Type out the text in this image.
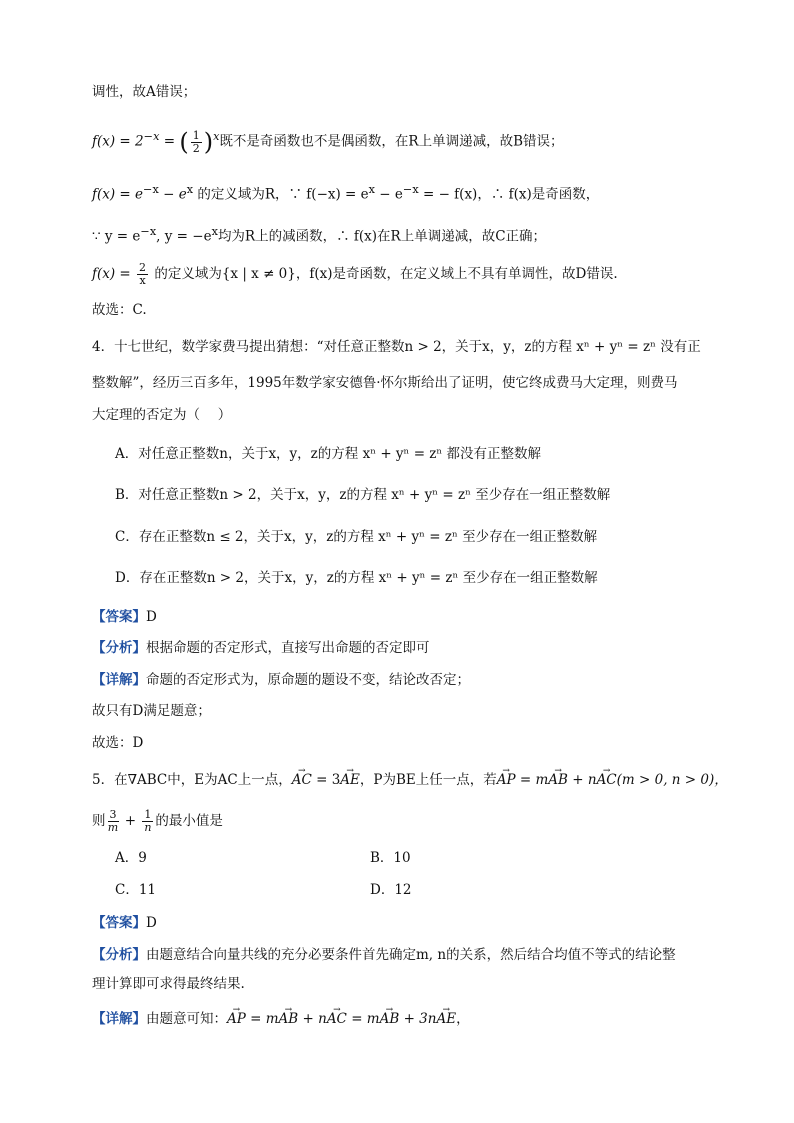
调性，故A错误；
$f(x) = 2^{-x}$ = ( $\frac{1}{2} )^x$既不是奇函数也不是偶函数，在R上单调递减，故B错误；
$f(x) = e^{-x} - e^x$ 的定义域为R，∵ $f(-x) = e^x - e^{-x}$ = − f(x)，∴ f(x)是奇函数，
∵ $y = e^{-x}$, $y = -e^x$均为R上的减函数，∴ f(x)在R上单调递减，故C正确；
$f(x) = \frac{2}{x}$ 的定义域为{x | x ≠ 0}，f(x)是奇函数，在定义域上不具有单调性，故D错误.
故选：C.
4．十七世纪，数学家费马提出猜想：“对任意正整数n > 2，关于x，y，z的方程 xⁿ + yⁿ = zⁿ 没有正
整数解”，经历三百多年，1995年数学家安德鲁·怀尔斯给出了证明，使它终成费马大定理，则费马
大定理的否定为（　 ）
A．对任意正整数n，关于x，y，z的方程 xⁿ + yⁿ = zⁿ 都没有正整数解
B．对任意正整数n > 2，关于x，y，z的方程 xⁿ + yⁿ = zⁿ 至少存在一组正整数解
C．存在正整数n ≤ 2，关于x，y，z的方程 xⁿ + yⁿ = zⁿ 至少存在一组正整数解
D．存在正整数n > 2，关于x，y，z的方程 xⁿ + yⁿ = zⁿ 至少存在一组正整数解
【答案】D
【分析】根据命题的否定形式，直接写出命题的否定即可
【详解】命题的否定形式为，原命题的题设不变，结论改否定；
故只有D满足题意；
故选：D
5．在∇ABC中，E为AC上一点，→ AC = 3→ AE，P为BE上任一点，若→ AP = m→ AB + n→ AC(m > 0, n > 0)，
则 $\frac{3}{m} + \frac{1}{n}$ 的最小值是
A．9	B．10
C．11	D．12
【答案】D
【分析】由题意结合向量共线的充分必要条件首先确定m, n的关系，然后结合均值不等式的结论整
理计算即可求得最终结果.
【详解】由题意可知：→ AP = m→ AB + n→ AC = m→ AB + 3n→ AE，
